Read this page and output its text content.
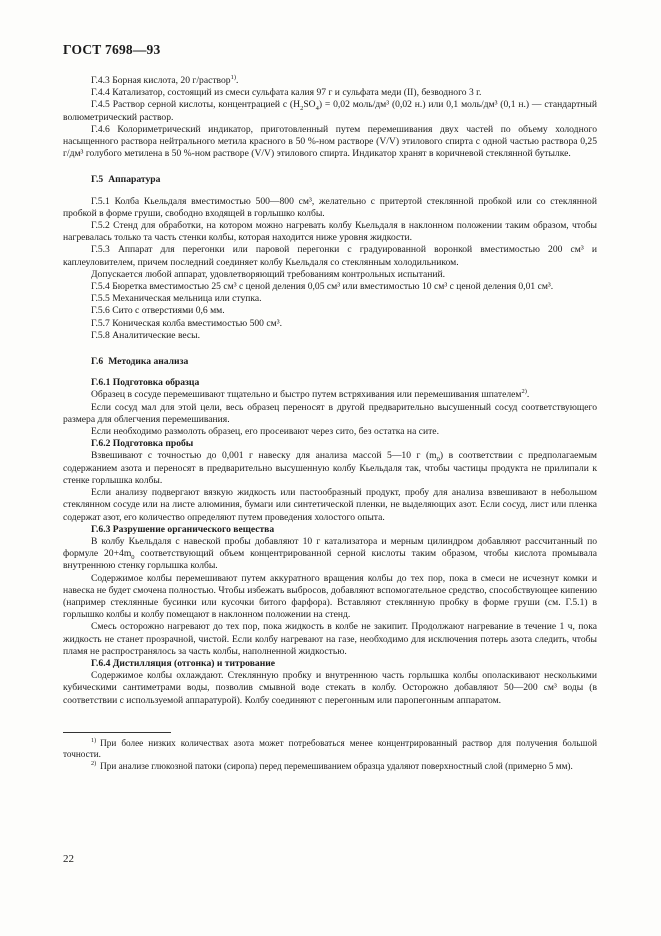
ГОСТ 7698—93

Г.4.3 Борная кислота, 20 г/раствор$^{1)}$.

Г.4.4 Катализатор, состоящий из смеси сульфата калия 97 г и сульфата меди (II), безводного 3 г.

Г.4.5 Раствор серной кислоты, концентрацией с $(H_2SO_4) = 0,02$ моль/дм³ (0,02 н.) или 0,1 моль/дм³ (0,1 н.) — стандартный волюметрический раствор.

Г.4.6 Колориметрический индикатор, приготовленный путем перемешивания двух частей по объему холодного насыщенного раствора нейтрального метила красного в 50 %-ном растворе (V/V) этилового спирта с одной частью раствора 0,25 г/дм³ голубого метилена в 50 %-ном растворе (V/V) этилового спирта. Индикатор хранят в коричневой стеклянной бутылке.

Г.5 Аппаратура

Г.5.1 Колба Кьельдаля вместимостью 500—800 см³, желательно с притертой стеклянной пробкой или со стеклянной пробкой в форме груши, свободно входящей в горлышко колбы.

Г.5.2 Стенд для обработки, на котором можно нагревать колбу Кьельдаля в наклонном положении таким образом, чтобы нагревалась только та часть стенки колбы, которая находится ниже уровня жидкости.

Г.5.3 Аппарат для перегонки или паровой перегонки с градуированной воронкой вместимостью 200 см³ и каплеуловителем, причем последний соединяет колбу Кьельдаля со стеклянным холодильником.

Допускается любой аппарат, удовлетворяющий требованиям контрольных испытаний.

Г.5.4 Бюретка вместимостью 25 см³ с ценой деления 0,05 см³ или вместимостью 10 см³ с ценой деления 0,01 см³.

Г.5.5 Механическая мельница или ступка.

Г.5.6 Сито с отверстиями 0,6 мм.

Г.5.7 Коническая колба вместимостью 500 см³.

Г.5.8 Аналитические весы.

Г.6 Методика анализа

Г.6.1 Подготовка образца

Образец в сосуде перемешивают тщательно и быстро путем встряхивания или перемешивания шпателем$^{2)}$.

Если сосуд мал для этой цели, весь образец переносят в другой предварительно высушенный сосуд соответствующего размера для облегчения перемешивания.

Если необходимо размолоть образец, его просеивают через сито, без остатка на сите.

Г.6.2 Подготовка пробы

Взвешивают с точностью до 0,001 г навеску для анализа массой 5—10 г $(m_0)$ в соответствии с предполагаемым содержанием азота и переносят в предварительно высушенную колбу Кьельдаля так, чтобы частицы продукта не прилипали к стенке горлышка колбы.

Если анализу подвергают вязкую жидкость или пастообразный продукт, пробу для анализа взвешивают в небольшом стеклянном сосуде или на листе алюминия, бумаги или синтетической пленки, не выделяющих азот. Если сосуд, лист или пленка содержат азот, его количество определяют путем проведения холостого опыта.

Г.6.3 Разрушение органического вещества

В колбу Кьельдаля с навеской пробы добавляют 10 г катализатора и мерным цилиндром добавляют рассчитанный по формуле $20+4m_0$ соответствующий объем концентрированной серной кислоты таким образом, чтобы кислота промывала внутреннюю стенку горлышка колбы.

Содержимое колбы перемешивают путем аккуратного вращения колбы до тех пор, пока в смеси не исчезнут комки и навеска не будет смочена полностью. Чтобы избежать выбросов, добавляют вспомогательное средство, способствующее кипению (например стеклянные бусинки или кусочки битого фарфора). Вставляют стеклянную пробку в форме груши (см. Г.5.1) в горлышко колбы и колбу помещают в наклонном положении на стенд.

Смесь осторожно нагревают до тех пор, пока жидкость в колбе не закипит. Продолжают нагревание в течение 1 ч, пока жидкость не станет прозрачной, чистой. Если колбу нагревают на газе, необходимо для исключения потерь азота следить, чтобы пламя не распространялось за часть колбы, наполненной жидкостью.

Г.6.4 Дистилляция (отгонка) и титрование

Содержимое колбы охлаждают. Стеклянную пробку и внутреннюю часть горлышка колбы ополаскивают несколькими кубическими сантиметрами воды, позволив смывной воде стекать в колбу. Осторожно добавляют 50—200 см³ воды (в соответствии с используемой аппаратурой). Колбу соединяют с перегонным или паропегонным аппаратом.

$^{1)}$ При более низких количествах азота может потребоваться менее концентрированный раствор для получения большой точности.

$^{2)}$ При анализе глюкозной патоки (сиропа) перед перемешиванием образца удаляют поверхностный слой (примерно 5 мм).

22
